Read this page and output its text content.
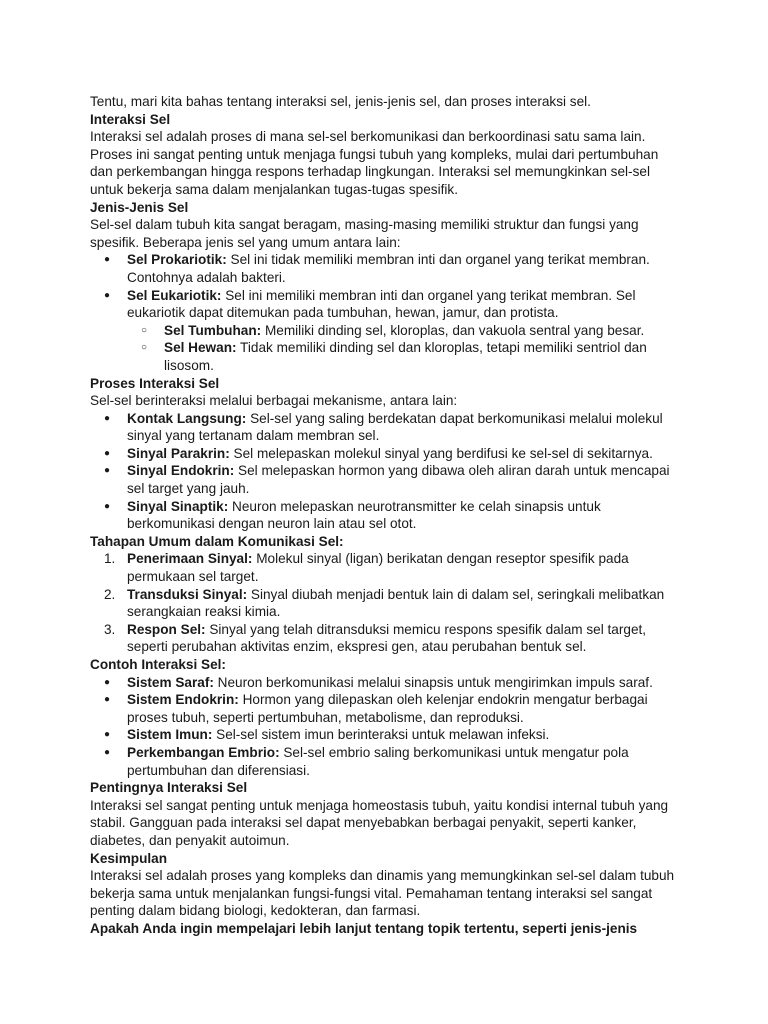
Tentu, mari kita bahas tentang interaksi sel, jenis-jenis sel, dan proses interaksi sel.

Interaksi Sel

Interaksi sel adalah proses di mana sel-sel berkomunikasi dan berkoordinasi satu sama lain. Proses ini sangat penting untuk menjaga fungsi tubuh yang kompleks, mulai dari pertumbuhan dan perkembangan hingga respons terhadap lingkungan. Interaksi sel memungkinkan sel-sel untuk bekerja sama dalam menjalankan tugas-tugas spesifik.

Jenis-Jenis Sel

Sel-sel dalam tubuh kita sangat beragam, masing-masing memiliki struktur dan fungsi yang spesifik. Beberapa jenis sel yang umum antara lain:

● Sel Prokariotik: Sel ini tidak memiliki membran inti dan organel yang terikat membran. Contohnya adalah bakteri.
● Sel Eukariotik: Sel ini memiliki membran inti dan organel yang terikat membran. Sel eukariotik dapat ditemukan pada tumbuhan, hewan, jamur, dan protista.
○ Sel Tumbuhan: Memiliki dinding sel, kloroplas, dan vakuola sentral yang besar.
○ Sel Hewan: Tidak memiliki dinding sel dan kloroplas, tetapi memiliki sentriol dan lisosom.
Proses Interaksi Sel

Sel-sel berinteraksi melalui berbagai mekanisme, antara lain:

● Kontak Langsung: Sel-sel yang saling berdekatan dapat berkomunikasi melalui molekul sinyal yang tertanam dalam membran sel.
● Sinyal Parakrin: Sel melepaskan molekul sinyal yang berdifusi ke sel-sel di sekitarnya.
● Sinyal Endokrin: Sel melepaskan hormon yang dibawa oleh aliran darah untuk mencapai sel target yang jauh.
● Sinyal Sinaptik: Neuron melepaskan neurotransmitter ke celah sinapsis untuk berkomunikasi dengan neuron lain atau sel otot.
Tahapan Umum dalam Komunikasi Sel:
1. Penerimaan Sinyal: Molekul sinyal (ligan) berikatan dengan reseptor spesifik pada permukaan sel target.
2. Transduksi Sinyal: Sinyal diubah menjadi bentuk lain di dalam sel, seringkali melibatkan serangkaian reaksi kimia.
3. Respon Sel: Sinyal yang telah ditransduksi memicu respons spesifik dalam sel target, seperti perubahan aktivitas enzim, ekspresi gen, atau perubahan bentuk sel.
Contoh Interaksi Sel:
● Sistem Saraf: Neuron berkomunikasi melalui sinapsis untuk mengirimkan impuls saraf.
● Sistem Endokrin: Hormon yang dilepaskan oleh kelenjar endokrin mengatur berbagai proses tubuh, seperti pertumbuhan, metabolisme, dan reproduksi.
● Sistem Imun: Sel-sel sistem imun berinteraksi untuk melawan infeksi.
● Perkembangan Embrio: Sel-sel embrio saling berkomunikasi untuk mengatur pola pertumbuhan dan diferensiasi.
Pentingnya Interaksi Sel

Interaksi sel sangat penting untuk menjaga homeostasis tubuh, yaitu kondisi internal tubuh yang stabil. Gangguan pada interaksi sel dapat menyebabkan berbagai penyakit, seperti kanker, diabetes, dan penyakit autoimun.

Kesimpulan

Interaksi sel adalah proses yang kompleks dan dinamis yang memungkinkan sel-sel dalam tubuh bekerja sama untuk menjalankan fungsi-fungsi vital. Pemahaman tentang interaksi sel sangat penting dalam bidang biologi, kedokteran, dan farmasi.

Apakah Anda ingin mempelajari lebih lanjut tentang topik tertentu, seperti jenis-jenis
